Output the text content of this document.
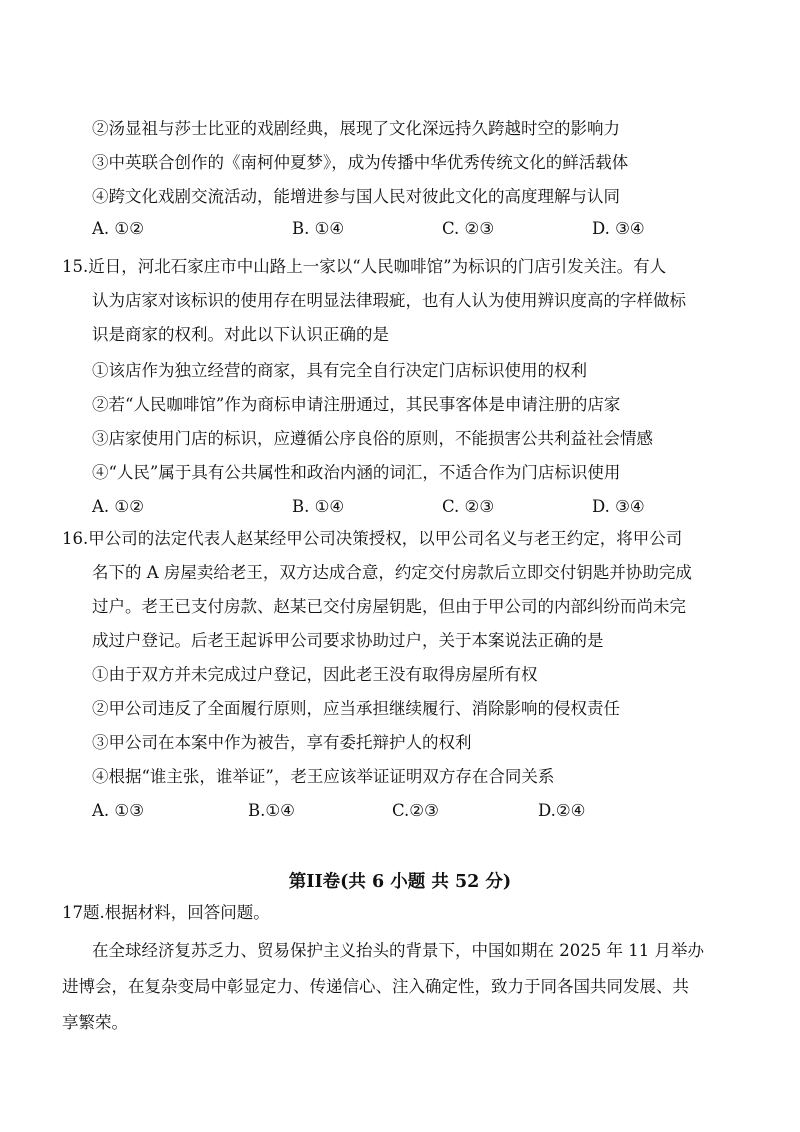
②汤显祖与莎士比亚的戏剧经典，展现了文化深远持久跨越时空的影响力
③中英联合创作的《南柯仲夏梦》，成为传播中华优秀传统文化的鲜活载体
④跨文化戏剧交流活动，能增进参与国人民对彼此文化的高度理解与认同
A. ①②	B. ①④	C. ②③	D. ③④
15.近日，河北石家庄市中山路上一家以“人民咖啡馆”为标识的门店引发关注。有人
认为店家对该标识的使用存在明显法律瑕疵，也有人认为使用辨识度高的字样做标
识是商家的权利。对此以下认识正确的是
①该店作为独立经营的商家，具有完全自行决定门店标识使用的权利
②若“人民咖啡馆”作为商标申请注册通过，其民事客体是申请注册的店家
③店家使用门店的标识，应遵循公序良俗的原则，不能损害公共利益社会情感
④“人民”属于具有公共属性和政治内涵的词汇，不适合作为门店标识使用
A. ①②	B. ①④	C. ②③	D. ③④
16.甲公司的法定代表人赵某经甲公司决策授权，以甲公司名义与老王约定，将甲公司
名下的 A 房屋卖给老王，双方达成合意，约定交付房款后立即交付钥匙并协助完成
过户。老王已支付房款、赵某已交付房屋钥匙，但由于甲公司的内部纠纷而尚未完
成过户登记。后老王起诉甲公司要求协助过户，关于本案说法正确的是
①由于双方并未完成过户登记，因此老王没有取得房屋所有权
②甲公司违反了全面履行原则，应当承担继续履行、消除影响的侵权责任
③甲公司在本案中作为被告，享有委托辩护人的权利
④根据“谁主张，谁举证”，老王应该举证证明双方存在合同关系
A. ①③	B.①④	C.②③	D.②④
第II卷(共 6 小题 共 52 分)
17题.根据材料，回答问题。
在全球经济复苏乏力、贸易保护主义抬头的背景下，中国如期在 2025 年 11 月举办
进博会，在复杂变局中彰显定力、传递信心、注入确定性，致力于同各国共同发展、共
享繁荣。
